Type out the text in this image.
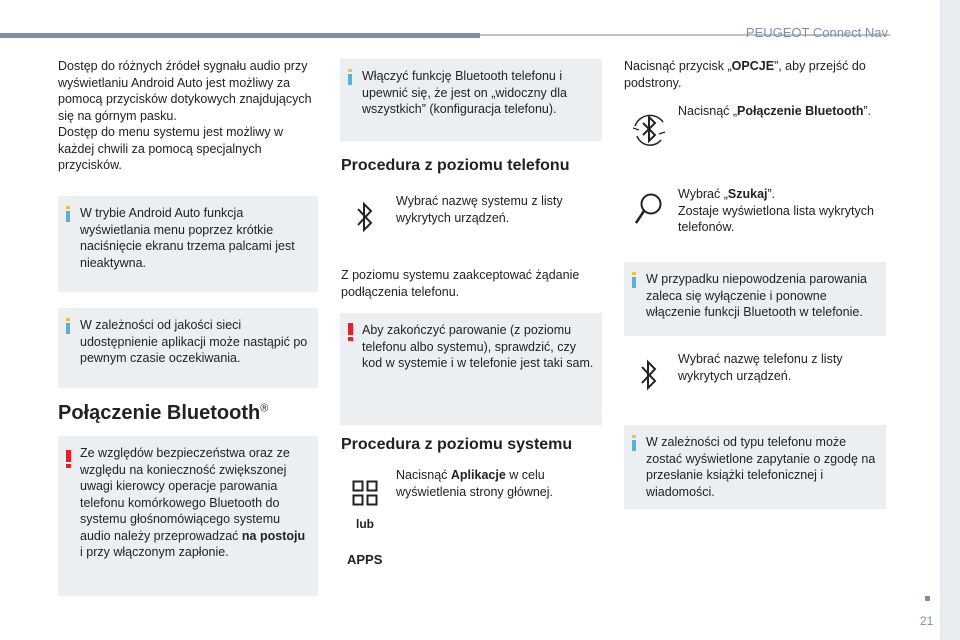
PEUGEOT Connect Nav
21
Dostęp do różnych źródeł sygnału audio przy wyświetlaniu Android Auto jest możliwy za pomocą przycisków dotykowych znajdujących się na górnym pasku.
Dostęp do menu systemu jest możliwy w każdej chwili za pomocą specjalnych przycisków.
W trybie Android Auto funkcja wyświetlania menu poprzez krótkie naciśnięcie ekranu trzema palcami jest nieaktywna.
W zależności od jakości sieci udostępnienie aplikacji może nastąpić po pewnym czasie oczekiwania.
Połączenie Bluetooth®
Ze względów bezpieczeństwa oraz ze względu na konieczność zwiększonej uwagi kierowcy operacje parowania telefonu komórkowego Bluetooth do systemu głośnomówiącego systemu audio należy przeprowadzać na postoju i przy włączonym zapłonie.
Włączyć funkcję Bluetooth telefonu i upewnić się, że jest on „widoczny dla wszystkich” (konfiguracja telefonu).
Procedura z poziomu telefonu
Wybrać nazwę systemu z listy wykrytych urządzeń.
Z poziomu systemu zaakceptować żądanie podłączenia telefonu.
Aby zakończyć parowanie (z poziomu telefonu albo systemu), sprawdzić, czy kod w systemie i w telefonie jest taki sam.
Procedura z poziomu systemu
Nacisnąć Aplikacje w celu wyświetlenia strony głównej.
lub
APPS
Nacisnąć przycisk „OPCJE”, aby przejść do podstrony.
Nacisnąć „Połączenie Bluetooth”.
Wybrać „Szukaj”.
Zostaje wyświetlona lista wykrytych telefonów.
W przypadku niepowodzenia parowania zaleca się wyłączenie i ponowne włączenie funkcji Bluetooth w telefonie.
Wybrać nazwę telefonu z listy wykrytych urządzeń.
W zależności od typu telefonu może zostać wyświetlone zapytanie o zgodę na przesłanie książki telefonicznej i wiadomości.
